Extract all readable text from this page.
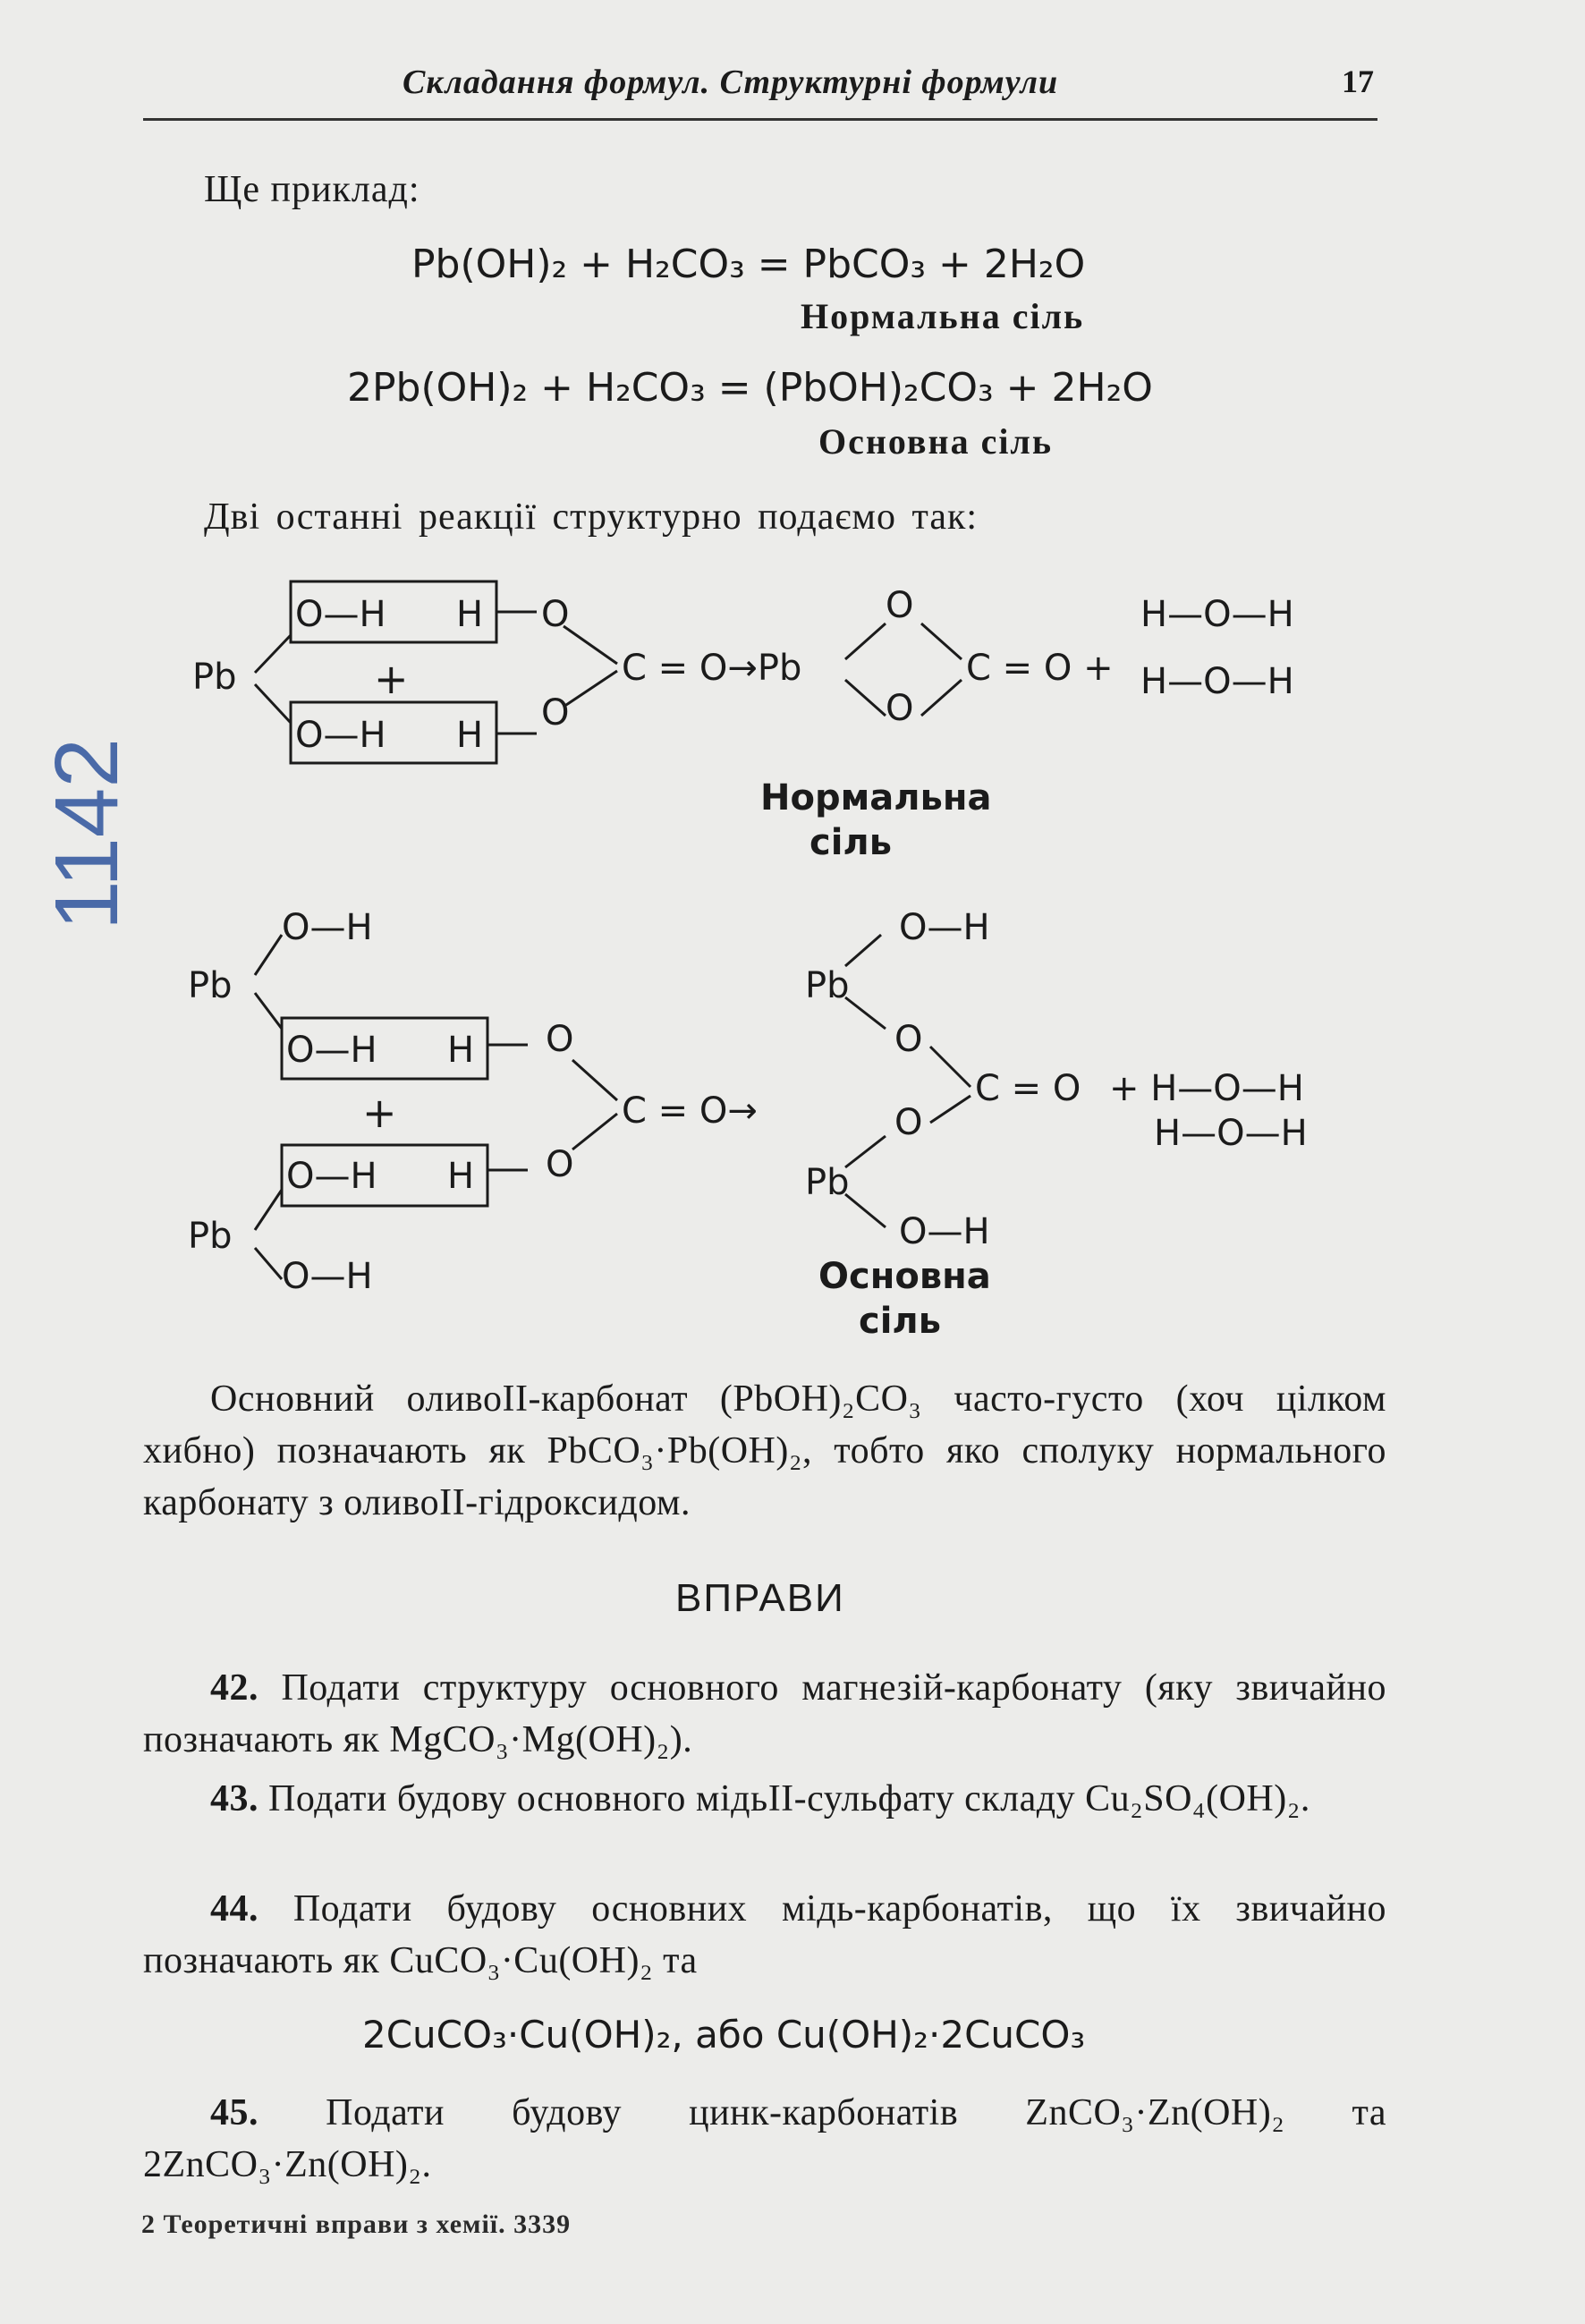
Складання формул. Структурні формули	17
Ще приклад:
Pb(OH)₂ + H₂CO₃ = PbCO₃ + 2H₂O
Нормальна сіль
2Pb(OH)₂ + H₂CO₃ = (PbOH)₂CO₃ + 2H₂O
Основна сіль
Дві останні реакції структурно подаємо так:
O—H H O
+
Pb
O—H H
O
C = O→Pb
O
O
C = O +
H—O—H
H—O—H
Нормальна
сіль
O—H
Pb
O—H H O
+
O—H H O
C = O→
Pb
O—H
O—H
Pb
O
C = O + H—O—H
H—O—H
O
Pb
O—H
Основна
сіль
1142
Основний оливоII-карбонат (PbOH)₂CO₃ часто-густо (хоч цілком хибно) позначають як PbCO₃·Pb(OH)₂, тобто яко сполуку нормального карбонату з оливоII-гідроксидом.
ВПРАВИ
42. Подати структуру основного магнезій-карбонату (яку звичайно позначають як MgCO₃·Mg(OH)₂).
43. Подати будову основного мідьII-сульфату складу Cu₂SO₄(OH)₂.
44. Подати будову основних мідь-карбонатів, що їх звичайно позначають як CuCO₃·Cu(OH)₂ та
2CuCO₃·Cu(OH)₂, або Cu(OH)₂·2CuCO₃
45. Подати будову цинк-карбонатів ZnCO₃·Zn(OH)₂ та 2ZnCO₃·Zn(OH)₂.
2 Теоретичні вправи з хемії. 3339
